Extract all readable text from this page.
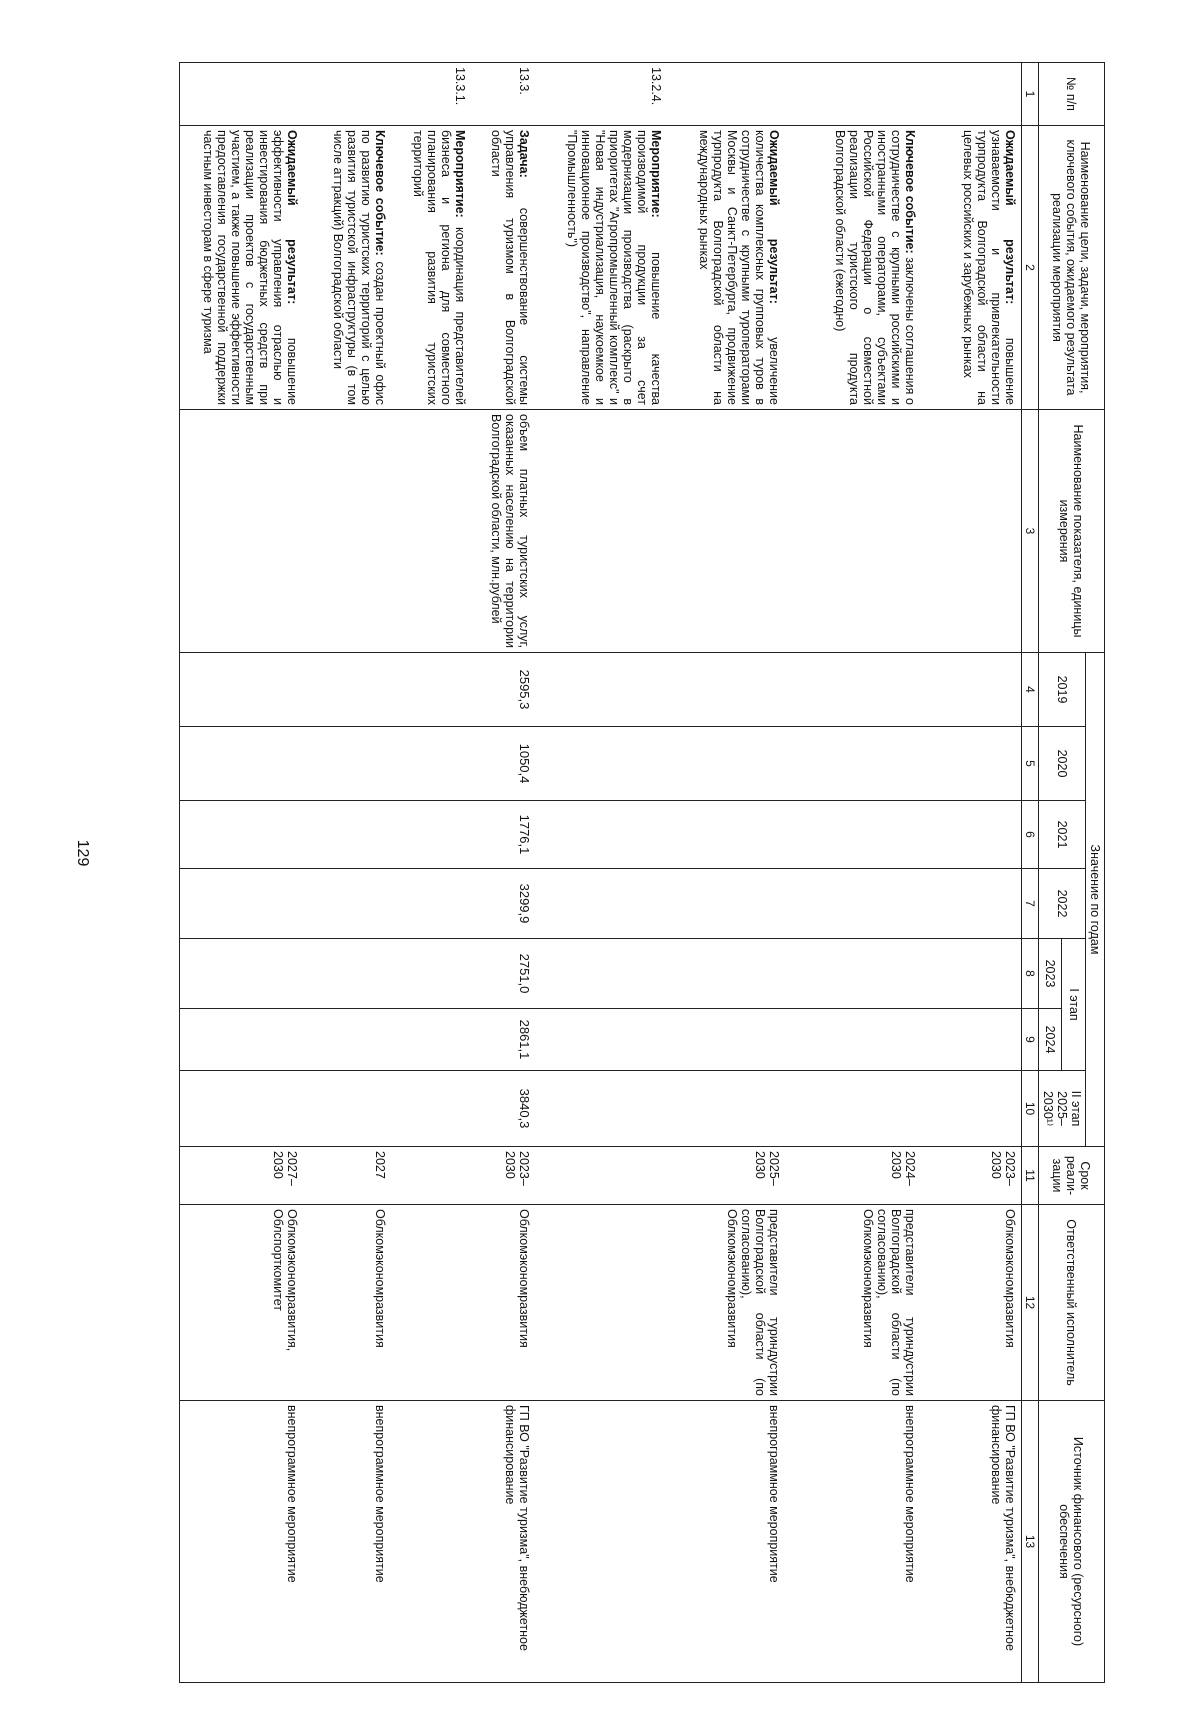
129
№ п/п	Наименование цели, задачи, мероприятия, ключевого события, ожидаемого результата реализации мероприятия	Наименование показателя, единицы измерения	Значение по годам							Срок реали-зации	Ответственный исполнитель	Источник финансового (ресурсного) обеспечения
			2019	2020	2021	2022	I этап		II этап 2025–2030¹⁾			
							2023	2024				
1	2	3	4	5	6	7	8	9	10	11	12	13
	Ожидаемый результат: повышение узнаваемости и привлекательности турпродукта Волгоградской области на целевых российских и зарубежных рынках									2023–2030	Облкомэкономразвития	ГП ВО "Развитие туризма", внебюджетное финансирование
	Ключевое событие: заключены соглашения о сотрудничестве с крупными российскими и иностранными операторами, субъектами Российской Федерации о совместной реализации туристского продукта Волгоградской области (ежегодно)									2024–2030	представители туриндустрии Волгоградской области (по согласованию), Облкомэкономразвития	внепрограммное мероприятие
	Ожидаемый результат: увеличение количества комплексных групповых туров в сотрудничестве с крупными туроператорами Москвы и Санкт-Петербурга, продвижение турпродукта Волгоградской области на международных рынках									2025–2030	представители туриндустрии Волгоградской области (по согласованию), Облкомэкономразвития	внепрограммное мероприятие
13.2.4.	Мероприятие: повышение качества производимой продукции за счет модернизации производства (раскрыто в приоритетах "Агропромышленный комплекс" и "Новая индустриализация, наукоемкое и инновационное производство", направление "Промышленность")											
13.3.	Задача: совершенствование системы управления туризмом в Волгоградской области	объем платных туристских услуг, оказанных населению на территории Волгоградской области, млн.рублей	2595,3	1050,4	1776,1	3299,9	2751,0	2861,1	3840,3	2023–2030	Облкомэкономразвития	ГП ВО "Развитие туризма", внебюджетное финансирование
13.3.1.	Мероприятие: координация представителей бизнеса и региона для совместного планирования развития туристских территорий											
	Ключевое событие: создан проектный офис по развитию туристских территорий с целью развития туристской инфраструктуры (в том числе аттракций) Волгоградской области									2027	Облкомэкономразвития	внепрограммное мероприятие
	Ожидаемый результат: повышение эффективности управления отраслью и инвестирования бюджетных средств при реализации проектов с государственным участием, а также повышение эффективности предоставления государственной поддержки частным инвесторам в сфере туризма									2027–2030	Облкомэкономразвития, Облспорткомитет	внепрограммное мероприятие
